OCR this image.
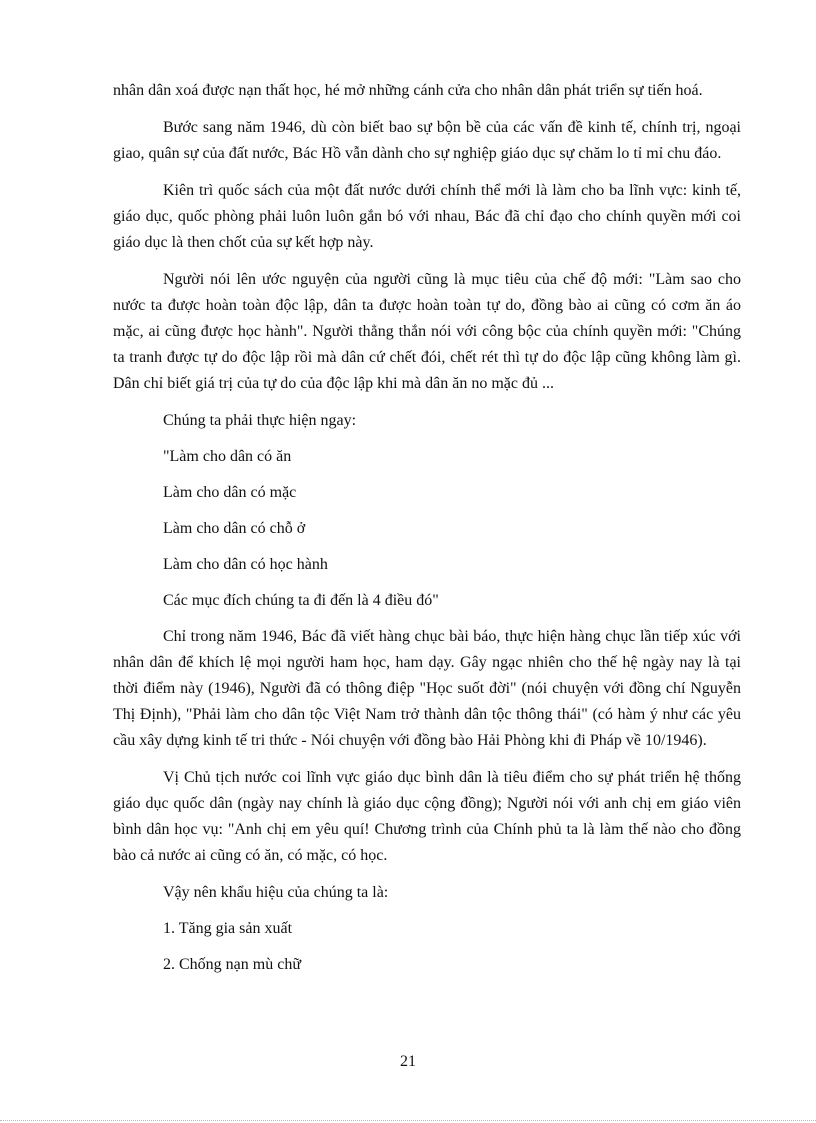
nhân dân xoá được nạn thất học, hé mở những cánh cửa cho nhân dân phát triển sự tiến hoá.

Bước sang năm 1946, dù còn biết bao sự bộn bề của các vấn đề kinh tế, chính trị, ngoại giao, quân sự của đất nước, Bác Hồ vẫn dành cho sự nghiệp giáo dục sự chăm lo tỉ mỉ chu đáo.

Kiên trì quốc sách của một đất nước dưới chính thể mới là làm cho ba lĩnh vực: kinh tế, giáo dục, quốc phòng phải luôn luôn gắn bó với nhau, Bác đã chỉ đạo cho chính quyền mới coi giáo dục là then chốt của sự kết hợp này.

Người nói lên ước nguyện của người cũng là mục tiêu của chế độ mới: "Làm sao cho nước ta được hoàn toàn độc lập, dân ta được hoàn toàn tự do, đồng bào ai cũng có cơm ăn áo mặc, ai cũng được học hành". Người thẳng thắn nói với công bộc của chính quyền mới: "Chúng ta tranh được tự do độc lập rồi mà dân cứ chết đói, chết rét thì tự do độc lập cũng không làm gì. Dân chỉ biết giá trị của tự do của độc lập khi mà dân ăn no mặc đủ ...

Chúng ta phải thực hiện ngay:

"Làm cho dân có ăn

Làm cho dân có mặc

Làm cho dân có chỗ ở

Làm cho dân có học hành

Các mục đích chúng ta đi đến là 4 điều đó"

Chỉ trong năm 1946, Bác đã viết hàng chục bài báo, thực hiện hàng chục lần tiếp xúc với nhân dân để khích lệ mọi người ham học, ham dạy. Gây ngạc nhiên cho thế hệ ngày nay là tại thời điểm này (1946), Người đã có thông điệp "Học suốt đời" (nói chuyện với đồng chí Nguyễn Thị Định), "Phải làm cho dân tộc Việt Nam trở thành dân tộc thông thái" (có hàm ý như các yêu cầu xây dựng kinh tế tri thức - Nói chuyện với đồng bào Hải Phòng khi đi Pháp về 10/1946).

Vị Chủ tịch nước coi lĩnh vực giáo dục bình dân là tiêu điểm cho sự phát triển hệ thống giáo dục quốc dân (ngày nay chính là giáo dục cộng đồng); Người nói với anh chị em giáo viên bình dân học vụ: "Anh chị em yêu quí! Chương trình của Chính phủ ta là làm thế nào cho đồng bào cả nước ai cũng có ăn, có mặc, có học.

Vậy nên khẩu hiệu của chúng ta là:

1. Tăng gia sản xuất

2. Chống nạn mù chữ

21
